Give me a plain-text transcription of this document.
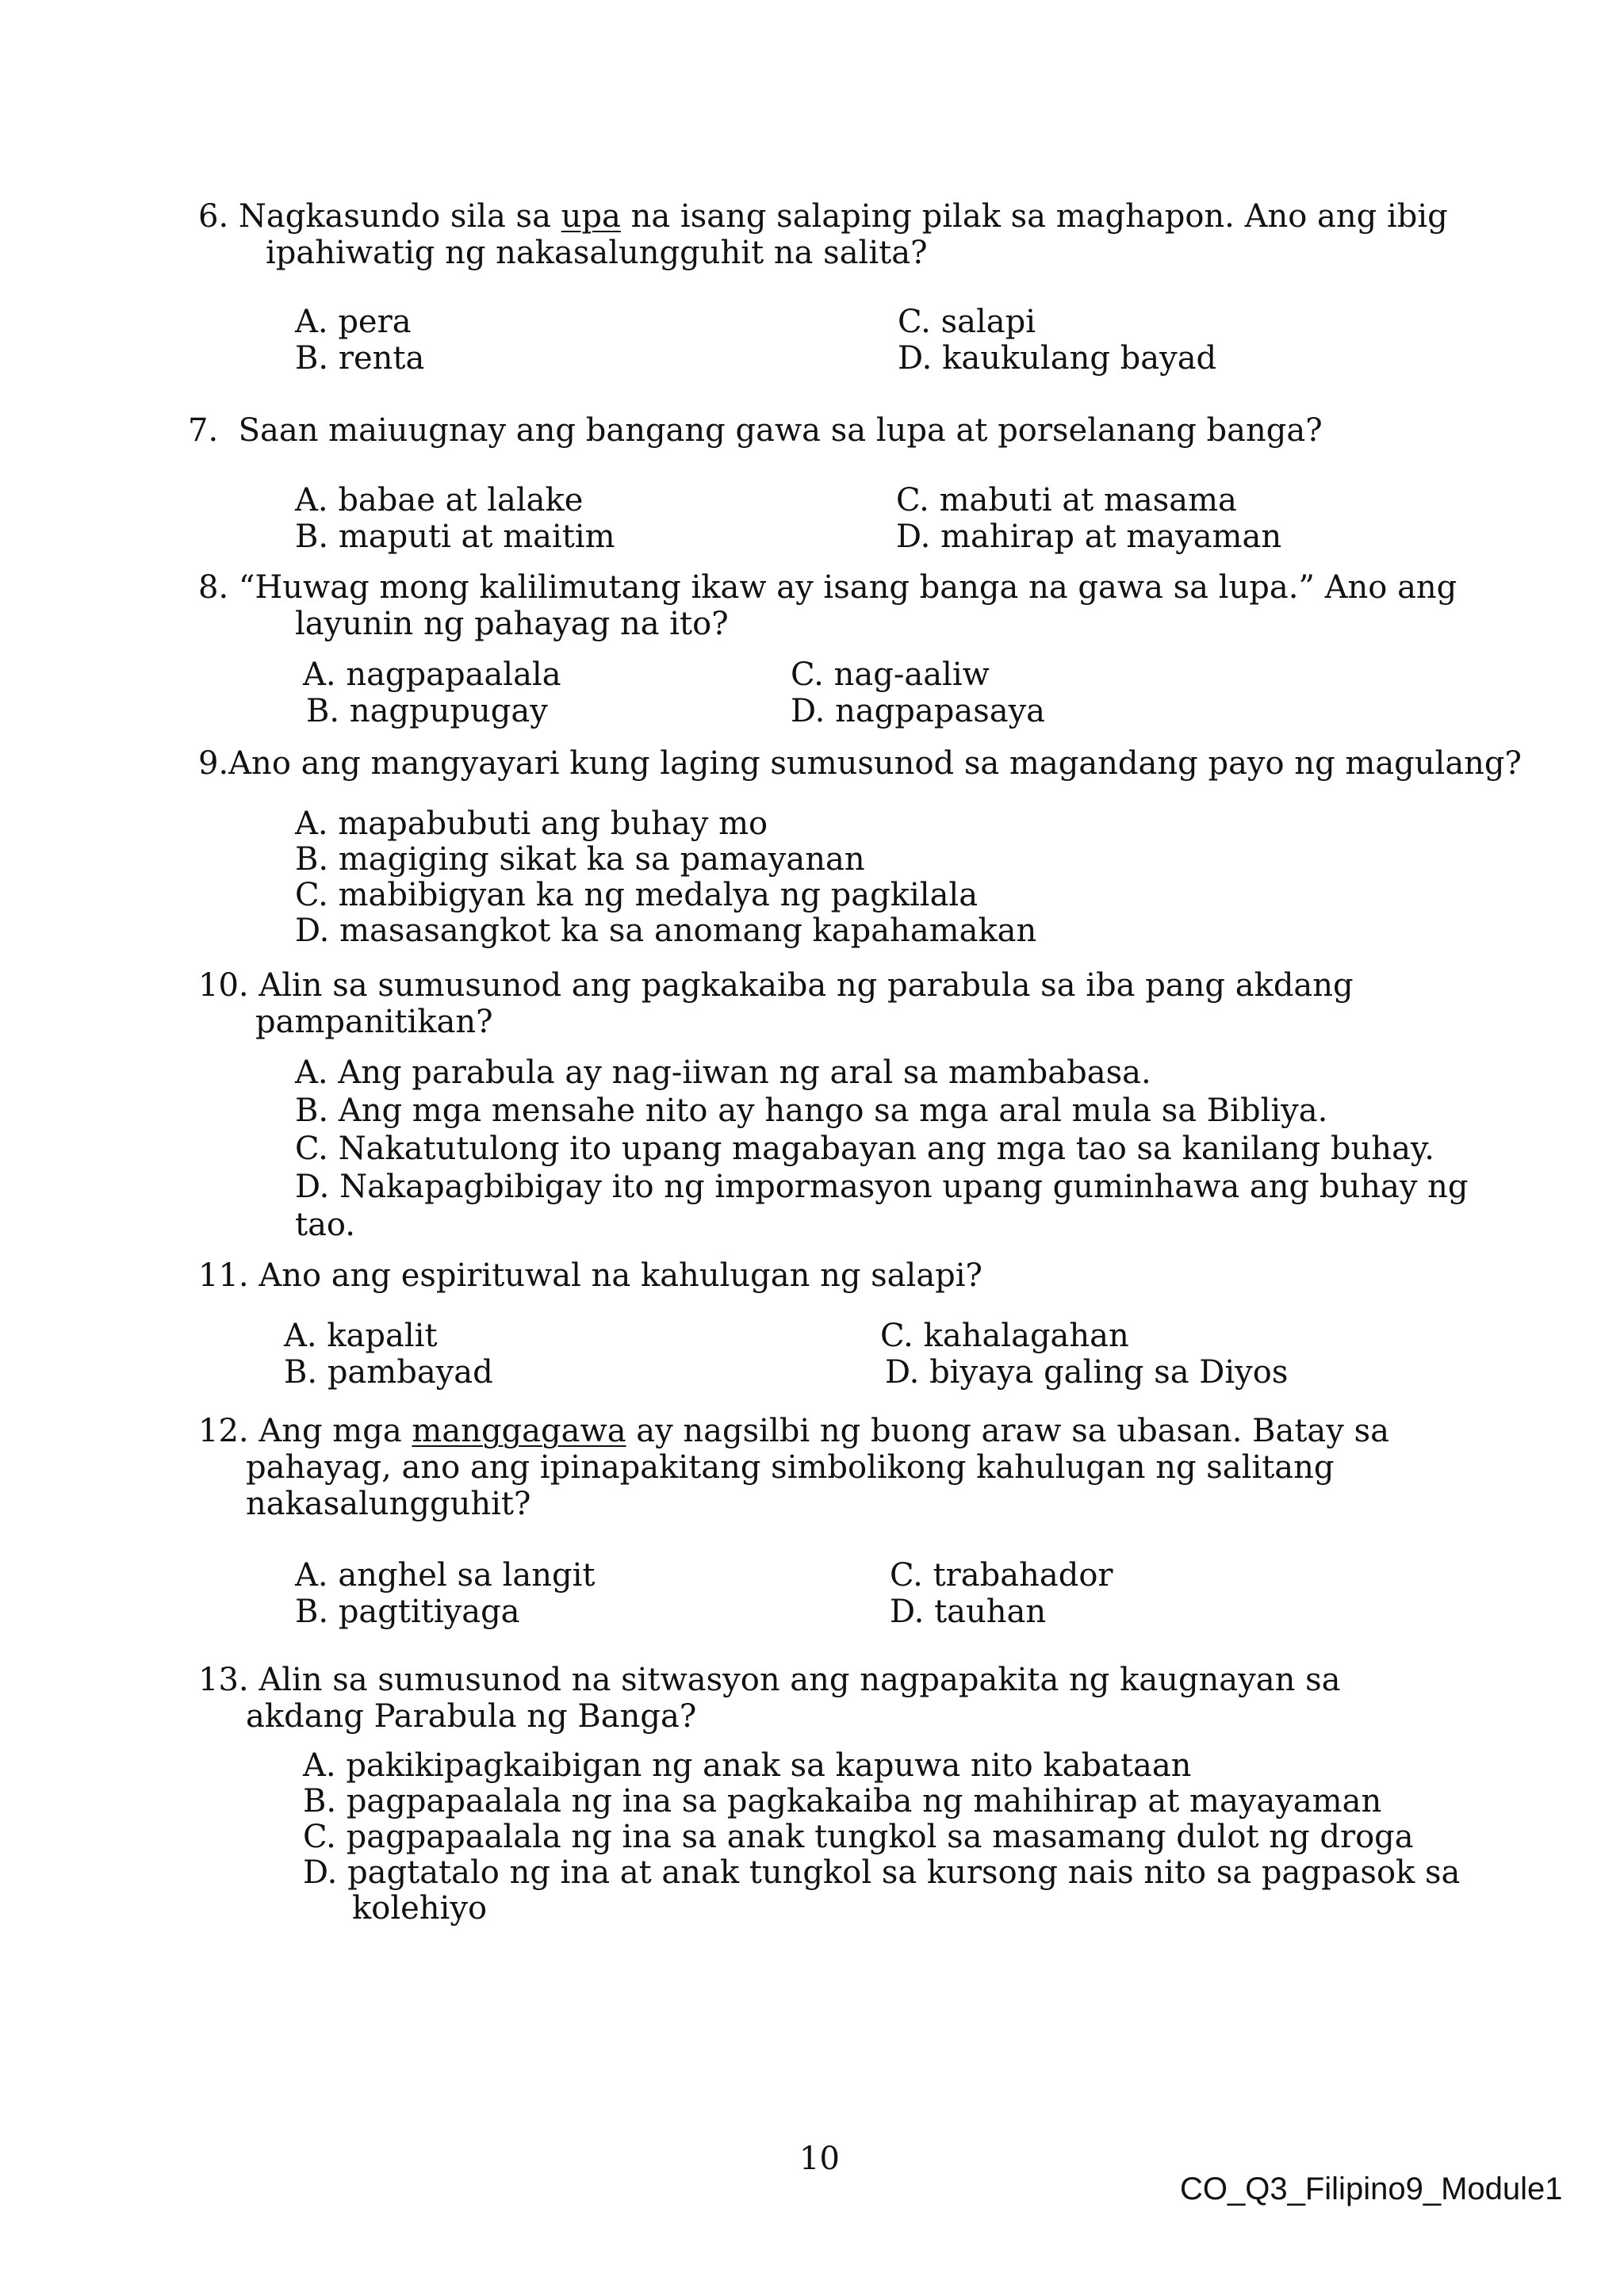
6. Nagkasundo sila sa upa na isang salaping pilak sa maghapon. Ano ang ibig
ipahiwatig ng nakasalungguhit na salita?
A. pera
B. renta
C. salapi
D. kaukulang bayad
7. Saan maiuugnay ang bangang gawa sa lupa at porselanang banga?
A. babae at lalake
B. maputi at maitim
C. mabuti at masama
D. mahirap at mayaman
8. “Huwag mong kalilimutang ikaw ay isang banga na gawa sa lupa.” Ano ang
layunin ng pahayag na ito?
A. nagpapaalala
B. nagpupugay
C. nag-aaliw
D. nagpapasaya
9.Ano ang mangyayari kung laging sumusunod sa magandang payo ng magulang?
A. mapabubuti ang buhay mo
B. magiging sikat ka sa pamayanan
C. mabibigyan ka ng medalya ng pagkilala
D. masasangkot ka sa anomang kapahamakan
10. Alin sa sumusunod ang pagkakaiba ng parabula sa iba pang akdang
pampanitikan?
A. Ang parabula ay nag-iiwan ng aral sa mambabasa.
B. Ang mga mensahe nito ay hango sa mga aral mula sa Bibliya.
C. Nakatutulong ito upang magabayan ang mga tao sa kanilang buhay.
D. Nakapagbibigay ito ng impormasyon upang guminhawa ang buhay ng
tao.
11. Ano ang espirituwal na kahulugan ng salapi?
A. kapalit
B. pambayad
C. kahalagahan
D. biyaya galing sa Diyos
12. Ang mga manggagawa ay nagsilbi ng buong araw sa ubasan. Batay sa
pahayag, ano ang ipinapakitang simbolikong kahulugan ng salitang
nakasalungguhit?
A. anghel sa langit
B. pagtitiyaga
C. trabahador
D. tauhan
13. Alin sa sumusunod na sitwasyon ang nagpapakita ng kaugnayan sa
akdang Parabula ng Banga?
A. pakikipagkaibigan ng anak sa kapuwa nito kabataan
B. pagpapaalala ng ina sa pagkakaiba ng mahihirap at mayayaman
C. pagpapaalala ng ina sa anak tungkol sa masamang dulot ng droga
D. pagtatalo ng ina at anak tungkol sa kursong nais nito sa pagpasok sa
kolehiyo
10
CO_Q3_Filipino9_Module1
